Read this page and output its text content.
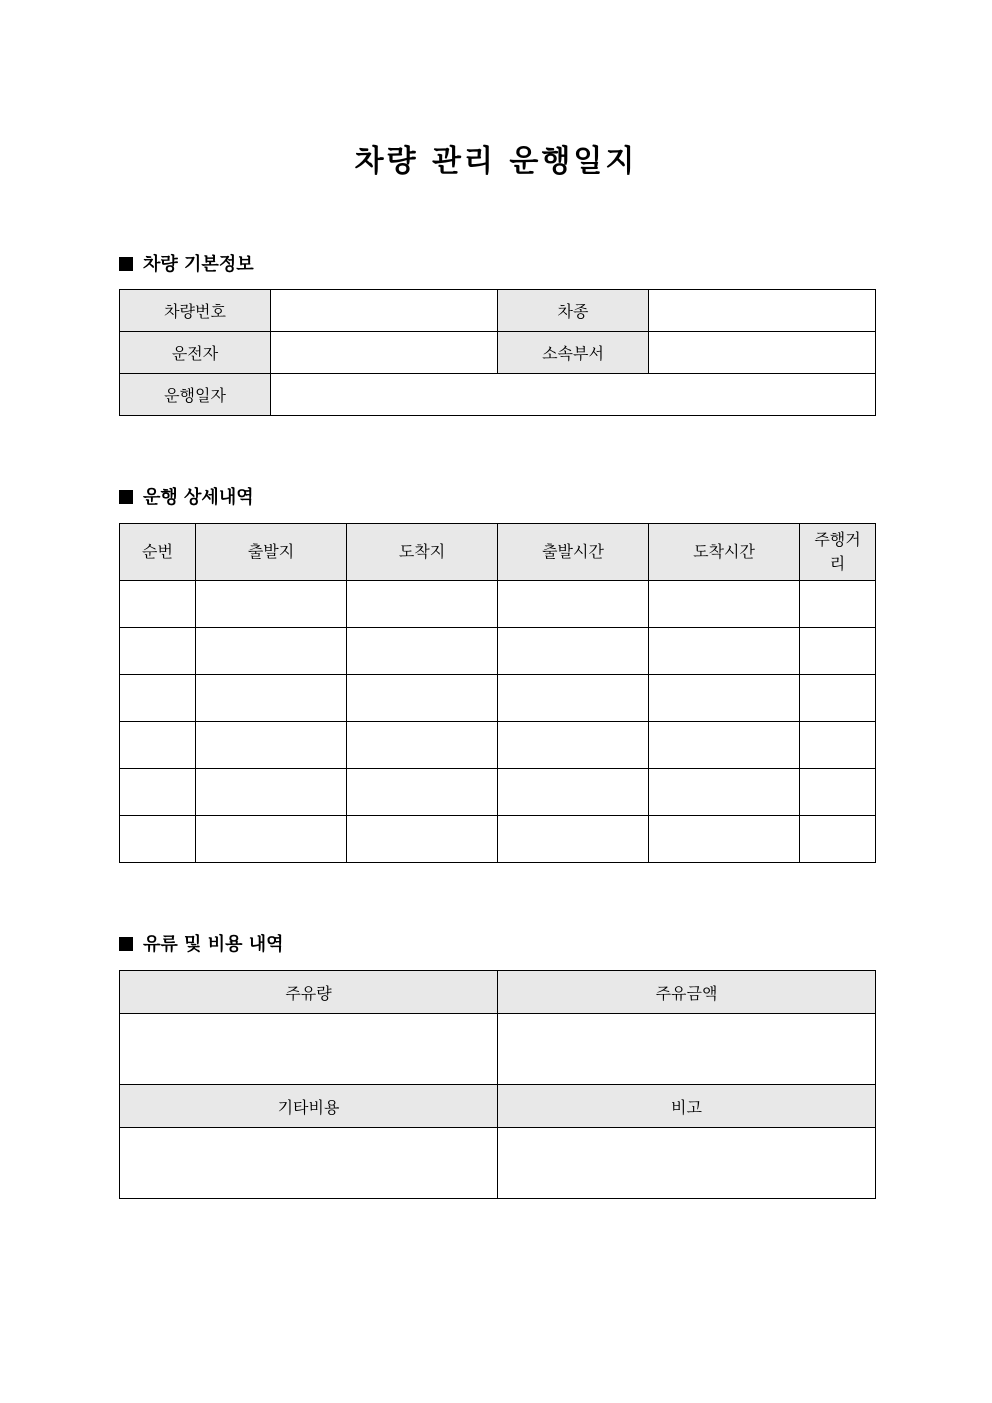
차량 관리 운행일지
차량 기본정보
차량번호		차종	
운전자		소속부서	
운행일자			
운행 상세내역
순번	출발지	도착지	출발시간	도착시간	주행거리

유류 및 비용 내역
주유량	주유금액

기타비용	비고
